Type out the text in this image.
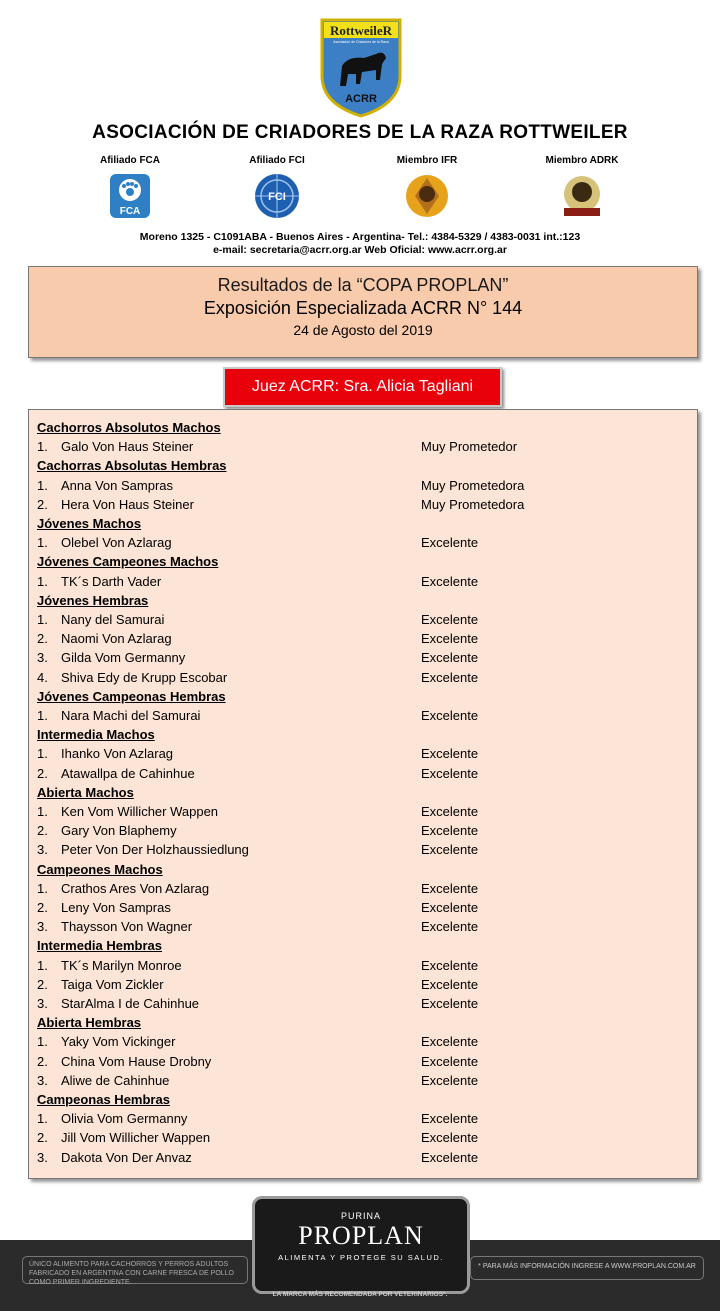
RottweileR
Asociación de Criadores de la Raza
ACRR
ASOCIACIÓN DE CRIADORES DE LA RAZA ROTTWEILER
Afiliado FCA
FCA
Afiliado FCI
FCI
Miembro IFR	Miembro ADRK
Moreno 1325 - C1091ABA - Buenos Aires - Argentina- Tel.: 4384-5329 / 4383-0031 int.:123
e-mail: secretaria@acrr.org.ar Web Oficial: www.acrr.org.ar
Resultados de la “COPA PROPLAN”
Exposición Especializada ACRR N° 144
24 de Agosto del 2019
Juez ACRR: Sra. Alicia Tagliani
Cachorros Absolutos Machos
1. Galo Von Haus Steiner	Muy Prometedor
Cachorras Absolutas Hembras
1. Anna Von Sampras	Muy Prometedora
2. Hera Von Haus Steiner	Muy Prometedora
Jóvenes Machos
1. Olebel Von Azlarag	Excelente
Jóvenes Campeones Machos
1. TK´s Darth Vader	Excelente
Jóvenes Hembras
1. Nany del Samurai	Excelente
2. Naomi Von Azlarag	Excelente
3. Gilda Vom Germanny	Excelente
4. Shiva Edy de Krupp Escobar	Excelente
Jóvenes Campeonas Hembras
1. Nara Machi del Samurai	Excelente
Intermedia Machos
1. Ihanko Von Azlarag	Excelente
2. Atawallpa de Cahinhue	Excelente
Abierta Machos
1. Ken Vom Willicher Wappen	Excelente
2. Gary Von Blaphemy	Excelente
3. Peter Von Der Holzhaussiedlung	Excelente
Campeones Machos
1. Crathos Ares Von Azlarag	Excelente
2. Leny Von Sampras	Excelente
3. Thaysson Von Wagner	Excelente
Intermedia Hembras
1. TK´s Marilyn Monroe	Excelente
2. Taiga Vom Zickler	Excelente
3. StarAlma I de Cahinhue	Excelente
Abierta Hembras
1. Yaky Vom Vickinger	Excelente
2. China Vom Hause Drobny	Excelente
3. Aliwe de Cahinhue	Excelente
Campeonas Hembras
1. Olivia Vom Germanny	Excelente
2. Jill Vom Willicher Wappen	Excelente
3. Dakota Von Der Anvaz	Excelente
ÚNICO ALIMENTO PARA CACHORROS Y PERROS ADULTOS FABRICADO EN ARGENTINA CON CARNE FRESCA DE POLLO COMO PRIMER INGREDIENTE.
* PARA MÁS INFORMACIÓN INGRESE A WWW.PROPLAN.COM.AR
PURINA
PROPLAN
ALIMENTA Y PROTEGE SU SALUD.
LA MARCA MÁS RECOMENDADA POR VETERINARIOS*.
